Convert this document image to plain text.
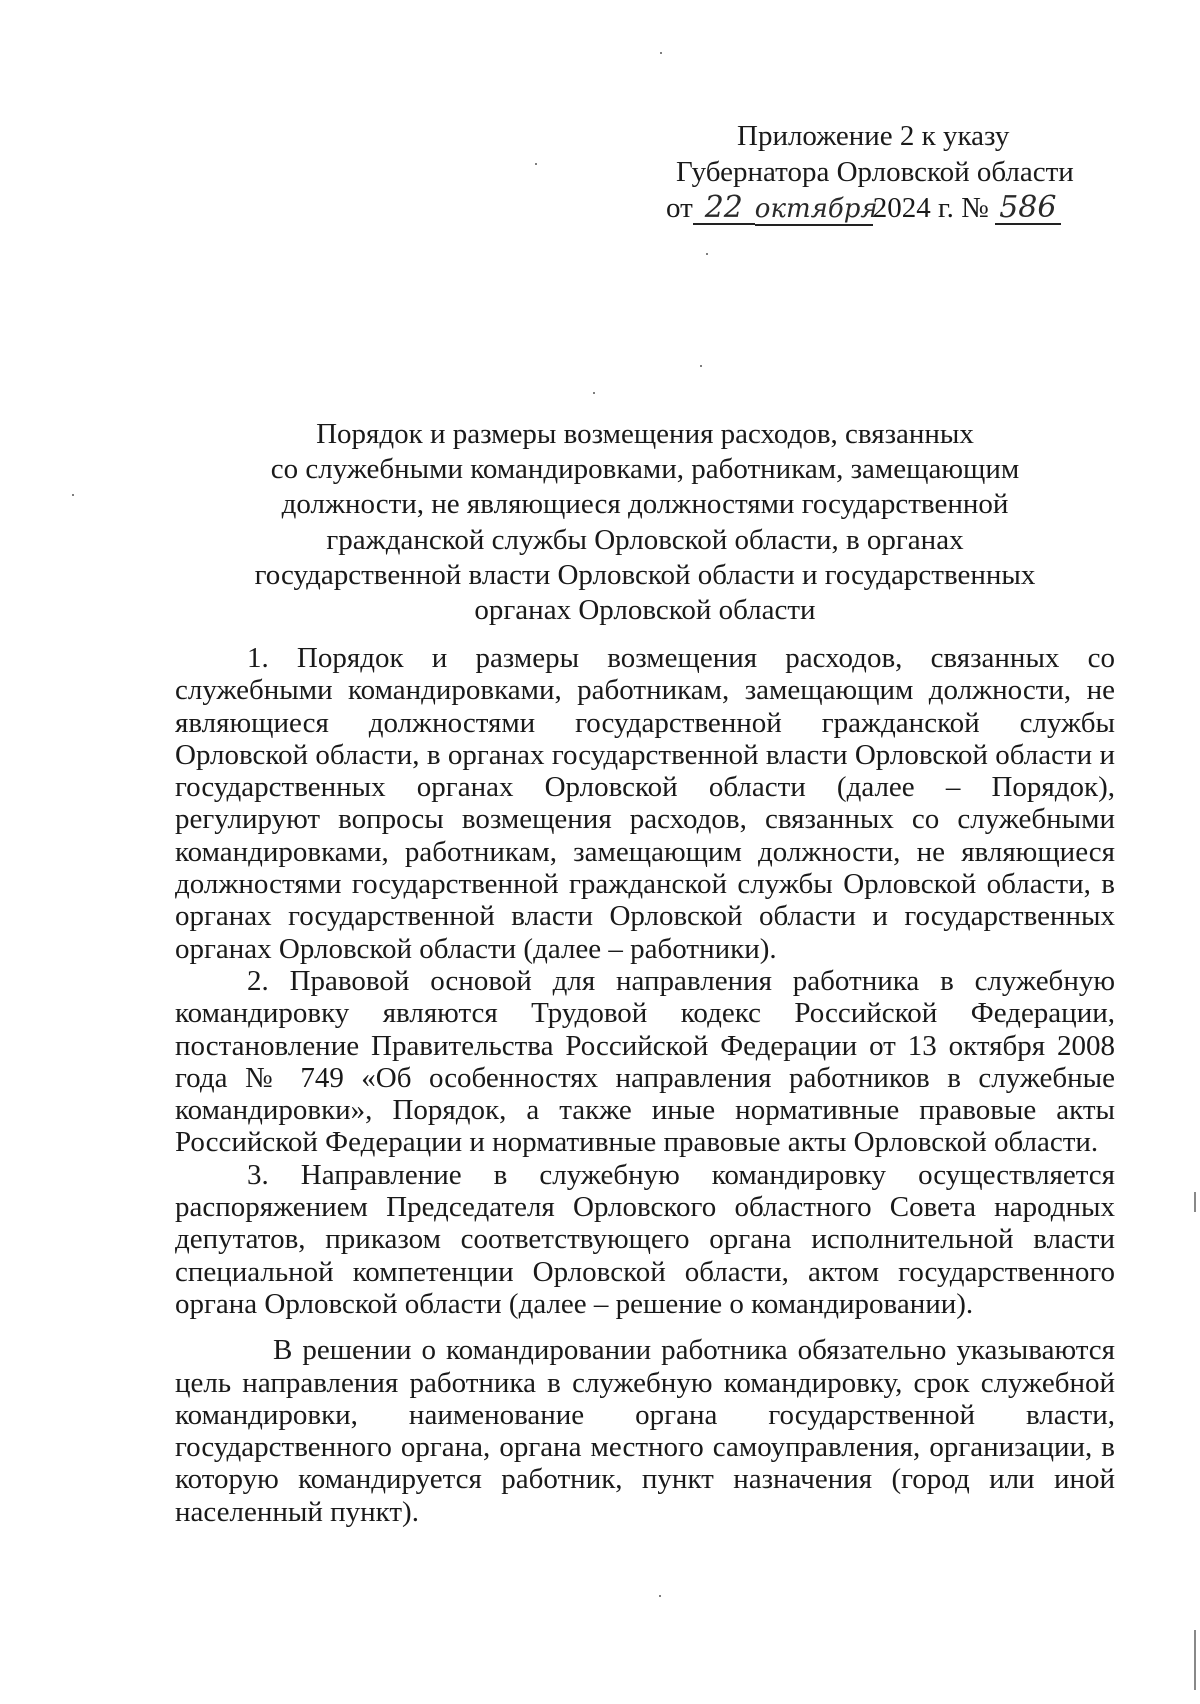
Приложение 2 к указу
Губернатора Орловской области
от 22 октября2024 г. № 586
Порядок и размеры возмещения расходов, связанных
со служебными командировками, работникам, замещающим
должности, не являющиеся должностями государственной
гражданской службы Орловской области, в органах
государственной власти Орловской области и государственных
органах Орловской области

1. Порядок и размеры возмещения расходов, связанных со служебными командировками, работникам, замещающим должности, не являющиеся должностями государственной гражданской службы Орловской области, в органах государственной власти Орловской области и государственных органах Орловской области (далее – Порядок), регулируют вопросы возмещения расходов, связанных со служебными командировками, работникам, замещающим должности, не являющиеся должностями государственной гражданской службы Орловской области, в органах государственной власти Орловской области и государственных органах Орловской области (далее – работники).

2. Правовой основой для направления работника в служебную командировку являются Трудовой кодекс Российской Федерации, постановление Правительства Российской Федерации от 13 октября 2008 года № 749 «Об особенностях направления работников в служебные командировки», Порядок, а также иные нормативные правовые акты Российской Федерации и нормативные правовые акты Орловской области.

3. Направление в служебную командировку осуществляется распоряжением Председателя Орловского областного Совета народных депутатов, приказом соответствующего органа исполнительной власти специальной компетенции Орловской области, актом государственного органа Орловской области (далее – решение о командировании).

В решении о командировании работника обязательно указываются цель направления работника в служебную командировку, срок служебной командировки, наименование органа государственной власти, государственного органа, органа местного самоуправления, организации, в которую командируется работник, пункт назначения (город или иной населенный пункт).
